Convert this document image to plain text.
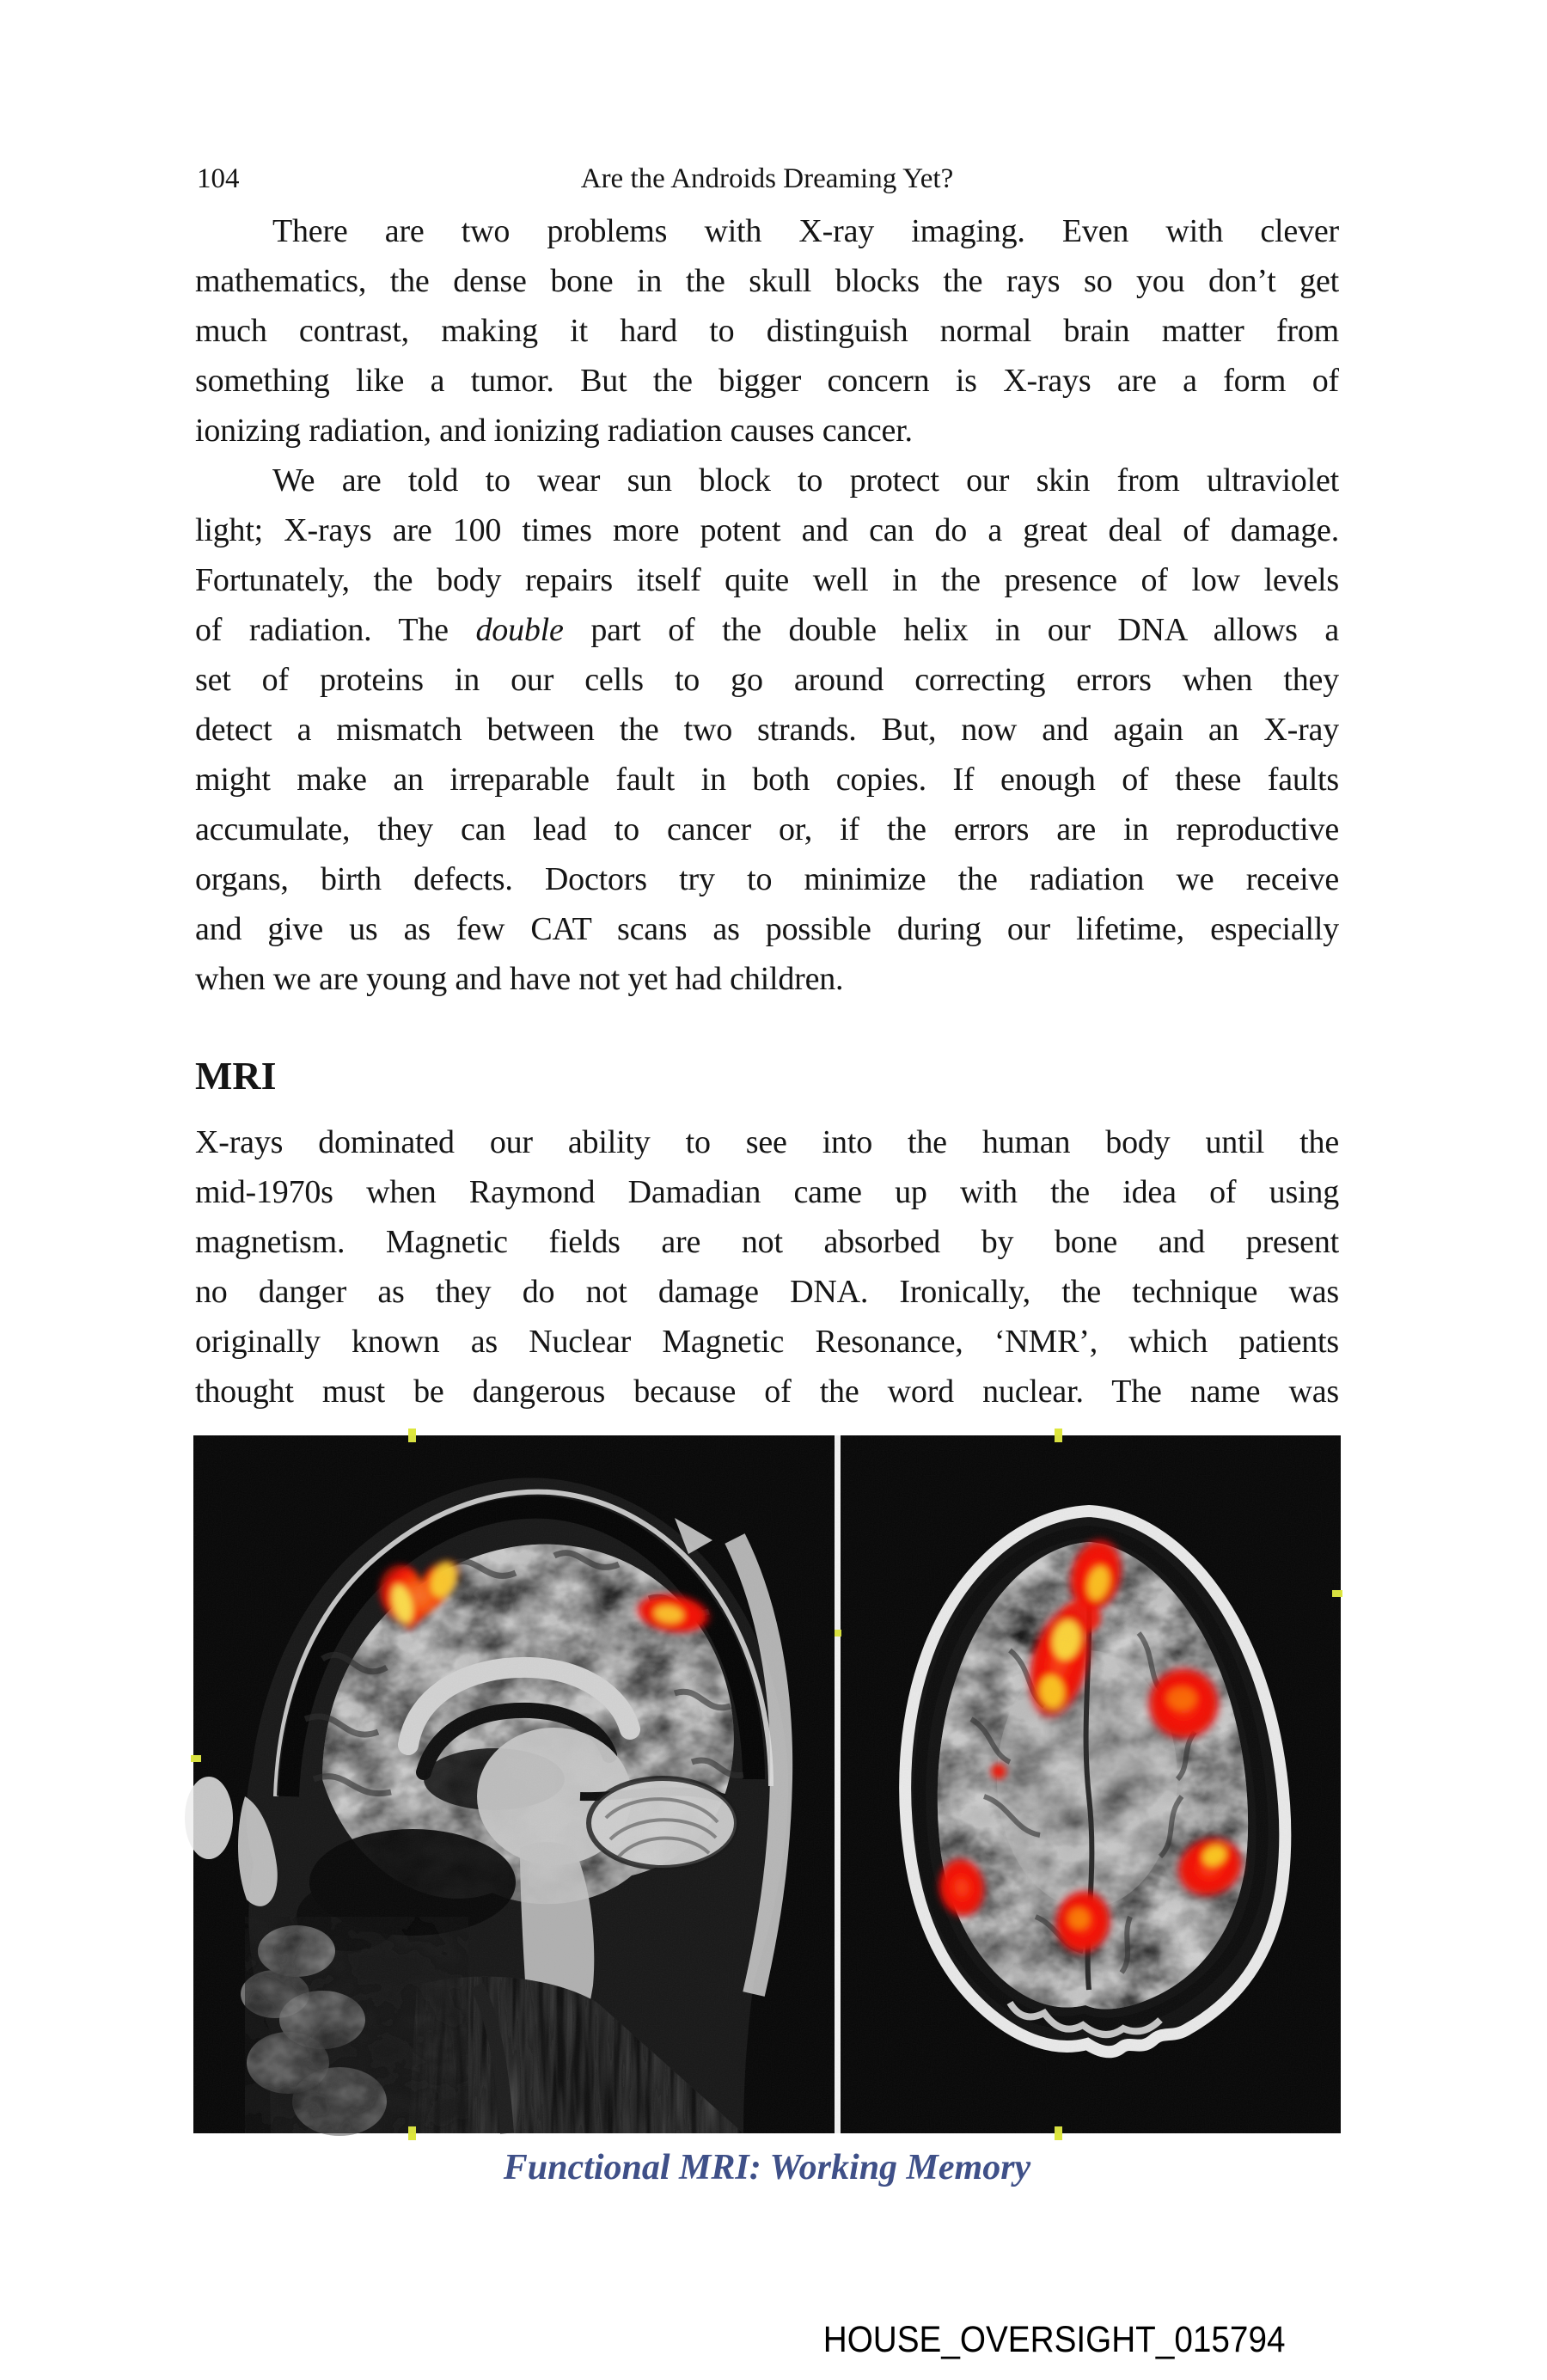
104	Are the Androids Dreaming Yet?
There are two problems with X-ray imaging. Even with clever
mathematics, the dense bone in the skull blocks the rays so you don’t get
much contrast, making it hard to distinguish normal brain matter from
something like a tumor. But the bigger concern is X-rays are a form of
ionizing radiation, and ionizing radiation causes cancer.
We are told to wear sun block to protect our skin from ultraviolet
light; X-rays are 100 times more potent and can do a great deal of damage.
Fortunately, the body repairs itself quite well in the presence of low levels
of radiation. The double part of the double helix in our DNA allows a
set of proteins in our cells to go around correcting errors when they
detect a mismatch between the two strands. But, now and again an X-ray
might make an irreparable fault in both copies. If enough of these faults
accumulate, they can lead to cancer or, if the errors are in reproductive
organs, birth defects. Doctors try to minimize the radiation we receive
and give us as few CAT scans as possible during our lifetime, especially
when we are young and have not yet had children.
MRI
X-rays dominated our ability to see into the human body until the
mid-1970s when Raymond Damadian came up with the idea of using
magnetism. Magnetic fields are not absorbed by bone and present
no danger as they do not damage DNA. Ironically, the technique was
originally known as Nuclear Magnetic Resonance, ‘NMR’, which patients
thought must be dangerous because of the word nuclear. The name was
Functional MRI: Working Memory
HOUSE_OVERSIGHT_015794
